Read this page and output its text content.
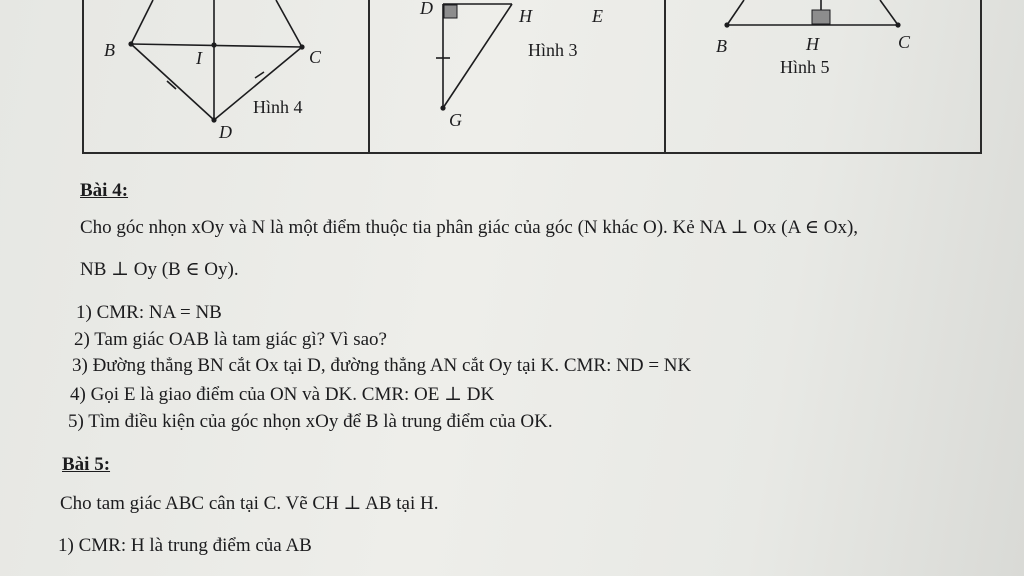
B	I	C
D
Hình 4
D	H	E
G
Hình 3	B	H	C
Hình 5
Bài 4:
Cho góc nhọn xOy và N là một điểm thuộc tia phân giác của góc (N khác O). Kẻ NA ⊥ Ox (A ∈ Ox),
NB ⊥ Oy (B ∈ Oy).
1) CMR: NA = NB
2) Tam giác OAB là tam giác gì? Vì sao?
3) Đường thẳng BN cắt Ox tại D, đường thẳng AN cắt Oy tại K. CMR: ND = NK
4) Gọi E là giao điểm của ON và DK. CMR: OE ⊥ DK
5) Tìm điều kiện của góc nhọn xOy để B là trung điểm của OK.
Bài 5:
Cho tam giác ABC cân tại C. Vẽ CH ⊥ AB tại H.
1) CMR: H là trung điểm của AB
